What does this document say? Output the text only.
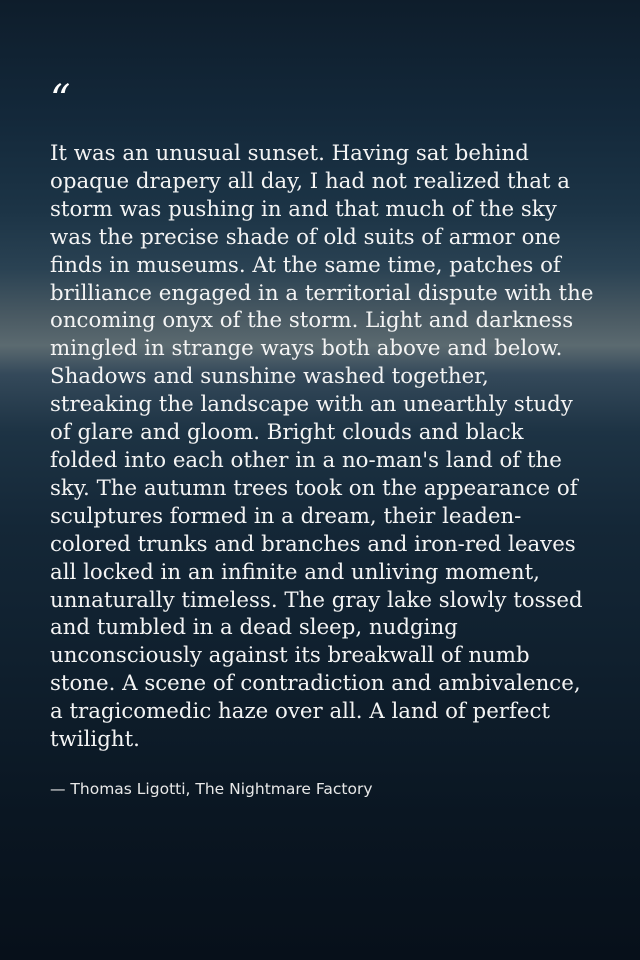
“

It was an unusual sunset. Having sat behind opaque drapery all day, I had not realized that a storm was pushing in and that much of the sky was the precise shade of old suits of armor one finds in museums. At the same time, patches of brilliance engaged in a territorial dispute with the oncoming onyx of the storm. Light and darkness mingled in strange ways both above and below. Shadows and sunshine washed together, streaking the landscape with an unearthly study of glare and gloom. Bright clouds and black folded into each other in a no-man's land of the sky. The autumn trees took on the appearance of sculptures formed in a dream, their leaden-colored trunks and branches and iron-red leaves all locked in an infinite and unliving moment, unnaturally timeless. The gray lake slowly tossed and tumbled in a dead sleep, nudging unconsciously against its breakwall of numb stone. A scene of contradiction and ambivalence, a tragicomedic haze over all. A land of perfect twilight.

— Thomas Ligotti, The Nightmare Factory
